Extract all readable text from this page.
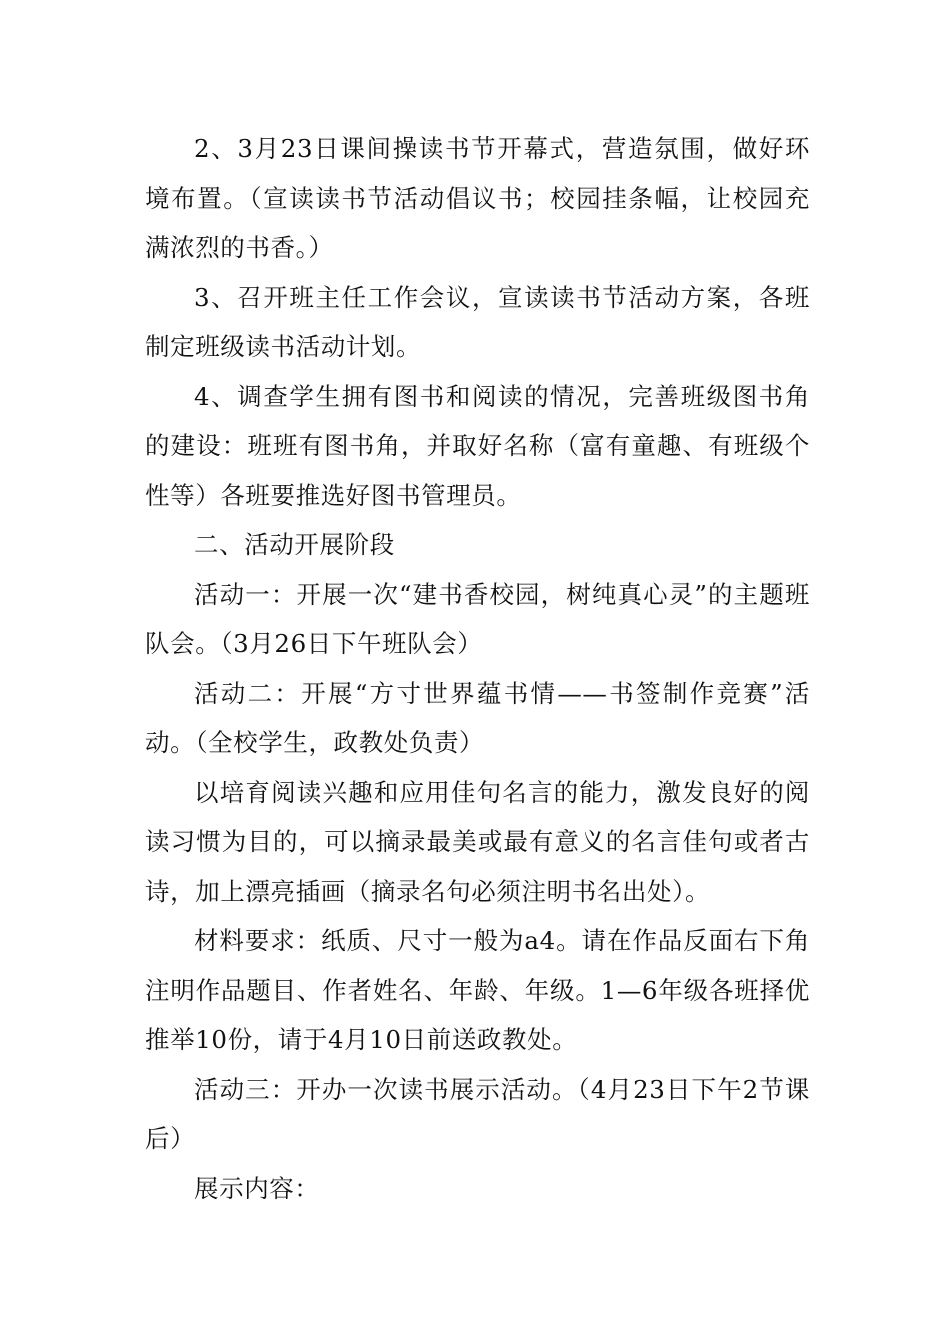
2、3月23日课间操读书节开幕式，营造氛围，做好环境布置。（宣读读书节活动倡议书；校园挂条幅，让校园充满浓烈的书香。）

3、召开班主任工作会议，宣读读书节活动方案，各班制定班级读书活动计划。

4、调查学生拥有图书和阅读的情况，完善班级图书角的建设：班班有图书角，并取好名称（富有童趣、有班级个性等）各班要推选好图书管理员。

二、活动开展阶段

活动一：开展一次“建书香校园，树纯真心灵”的主题班队会。（3月26日下午班队会）

活动二：开展“方寸世界蕴书情——书签制作竞赛”活动。（全校学生，政教处负责）

以培育阅读兴趣和应用佳句名言的能力，激发良好的阅读习惯为目的，可以摘录最美或最有意义的名言佳句或者古诗，加上漂亮插画（摘录名句必须注明书名出处）。

材料要求：纸质、尺寸一般为a4。请在作品反面右下角注明作品题目、作者姓名、年龄、年级。1—6年级各班择优推举10份，请于4月10日前送政教处。

活动三：开办一次读书展示活动。（4月23日下午2节课后）

展示内容：
